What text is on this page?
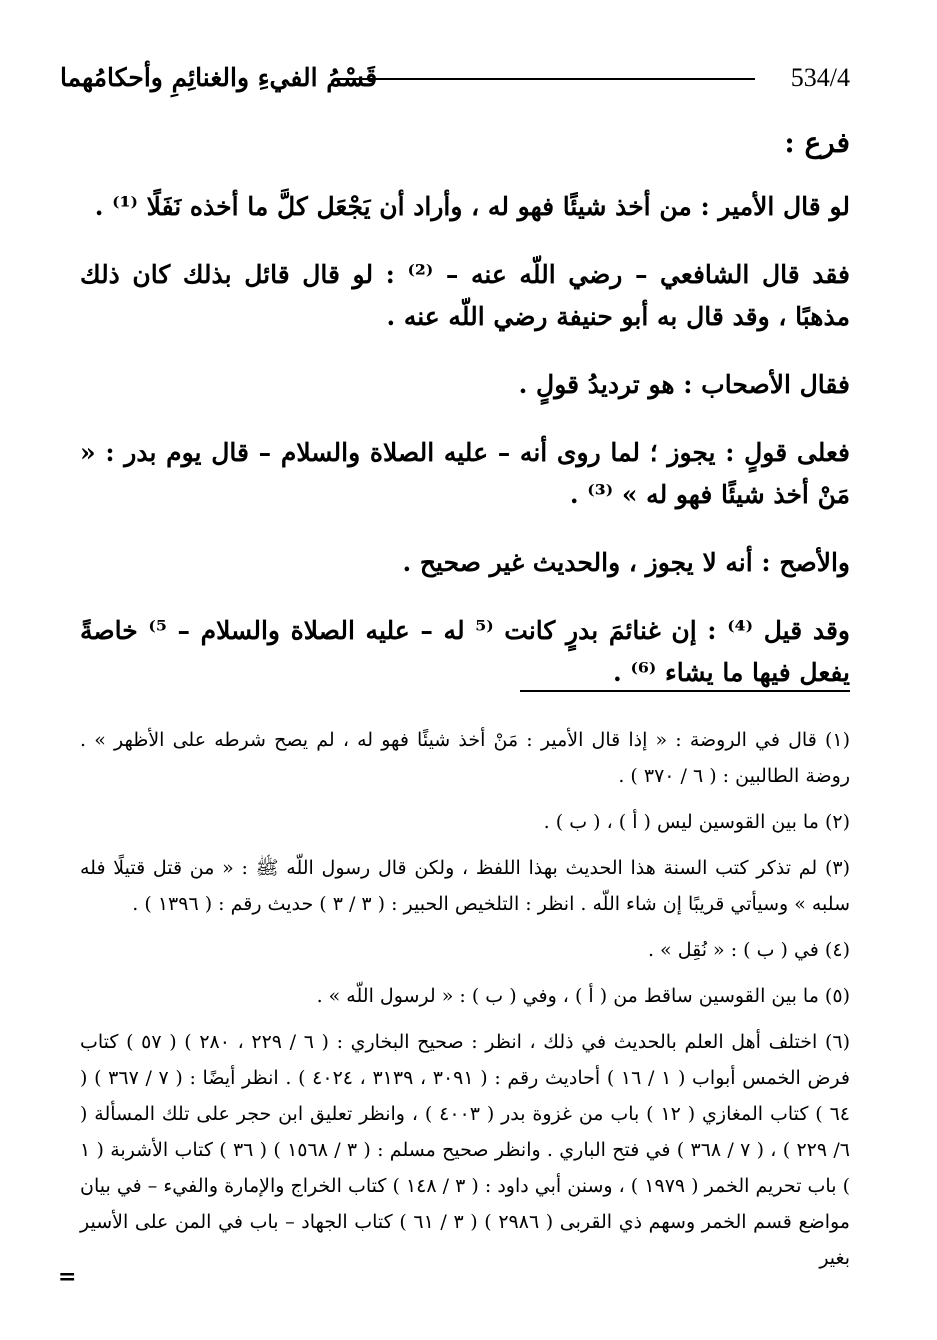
534/4
قَسْمُ الفيءِ والغنائِمِ وأحكامُهما

فرع :

لو قال الأمير : من أخذ شيئًا فهو له ، وأراد أن يَجْعَل كلَّ ما أخذه نَفَلًا ⁽¹⁾ .

فقد قال الشافعي – رضي اللّه عنه – ⁽²⁾ : لو قال قائل بذلك كان ذلك مذهبًا ، وقد قال به أبو حنيفة رضي اللّه عنه .

فقال الأصحاب : هو ترديدُ قولٍ .

فعلى قولٍ : يجوز ؛ لما روى أنه – عليه الصلاة والسلام – قال يوم بدر : « مَنْ أخذ شيئًا فهو له » ⁽³⁾ .

والأصح : أنه لا يجوز ، والحديث غير صحيح .

وقد قيل ⁽⁴⁾ : إن غنائمَ بدرٍ كانت ⁽⁵ له – عليه الصلاة والسلام – ⁵⁾ خاصةً يفعل فيها ما يشاء ⁽⁶⁾ .

(١) قال في الروضة : « إذا قال الأمير : مَنْ أخذ شيئًا فهو له ، لم يصح شرطه على الأظهر » . روضة الطالبين : ( ٦ / ٣٧٠ ) .

(٢) ما بين القوسين ليس ( أ ) ، ( ب ) .

(٣) لم تذكر كتب السنة هذا الحديث بهذا اللفظ ، ولكن قال رسول اللّه ﷺ : « من قتل قتيلًا فله سلبه » وسيأتي قريبًا إن شاء اللّه . انظر : التلخيص الحبير : ( ٣ / ٣ ) حديث رقم : ( ١٣٩٦ ) .

(٤) في ( ب ) : « نُقِل » .

(٥) ما بين القوسين ساقط من ( أ ) ، وفي ( ب ) : « لرسول اللّه » .

(٦) اختلف أهل العلم بالحديث في ذلك ، انظر : صحيح البخاري : ( ٦ / ٢٢٩ ، ٢٨٠ ) ( ٥٧ ) كتاب فرض الخمس أبواب ( ١ / ١٦ ) أحاديث رقم : ( ٣٠٩١ ، ٣١٣٩ ، ٤٠٢٤ ) . انظر أيضًا : ( ٧ / ٣٦٧ ) ( ٦٤ ) كتاب المغازي ( ١٢ ) باب من غزوة بدر ( ٤٠٠٣ ) ، وانظر تعليق ابن حجر على تلك المسألة ( ٦/ ٢٢٩ ) ، ( ٧ / ٣٦٨ ) في فتح الباري . وانظر صحيح مسلم : ( ٣ / ١٥٦٨ ) ( ٣٦ ) كتاب الأشربة ( ١ ) باب تحريم الخمر ( ١٩٧٩ ) ، وسنن أبي داود : ( ٣ / ١٤٨ ) كتاب الخراج والإمارة والفيء – في بيان مواضع قسم الخمر وسهم ذي القربى ( ٢٩٨٦ ) ( ٣ / ٦١ ) كتاب الجهاد – باب في المن على الأسير بغير

=
